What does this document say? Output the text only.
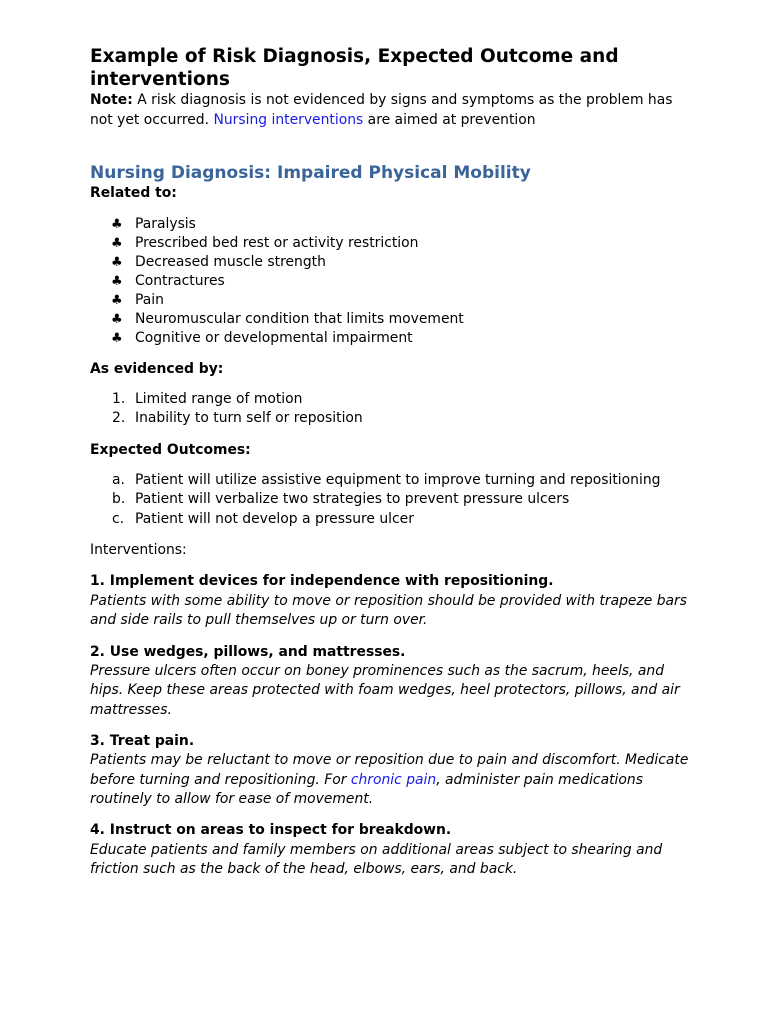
Example of Risk Diagnosis, Expected Outcome and interventions

Note: A risk diagnosis is not evidenced by signs and symptoms as the problem has not yet occurred. Nursing interventions are aimed at prevention

Nursing Diagnosis: Impaired Physical Mobility

Related to:

♣ Paralysis
♣ Prescribed bed rest or activity restriction
♣ Decreased muscle strength
♣ Contractures
♣ Pain
♣ Neuromuscular condition that limits movement
♣ Cognitive or developmental impairment

As evidenced by:

1. Limited range of motion
2. Inability to turn self or reposition

Expected Outcomes:

a. Patient will utilize assistive equipment to improve turning and repositioning
b. Patient will verbalize two strategies to prevent pressure ulcers
c. Patient will not develop a pressure ulcer

Interventions:

1. Implement devices for independence with repositioning.

Patients with some ability to move or reposition should be provided with trapeze bars and side rails to pull themselves up or turn over.

2. Use wedges, pillows, and mattresses.

Pressure ulcers often occur on boney prominences such as the sacrum, heels, and hips. Keep these areas protected with foam wedges, heel protectors, pillows, and air mattresses.

3. Treat pain.

Patients may be reluctant to move or reposition due to pain and discomfort. Medicate before turning and repositioning. For chronic pain, administer pain medications routinely to allow for ease of movement.

4. Instruct on areas to inspect for breakdown.

Educate patients and family members on additional areas subject to shearing and friction such as the back of the head, elbows, ears, and back.
